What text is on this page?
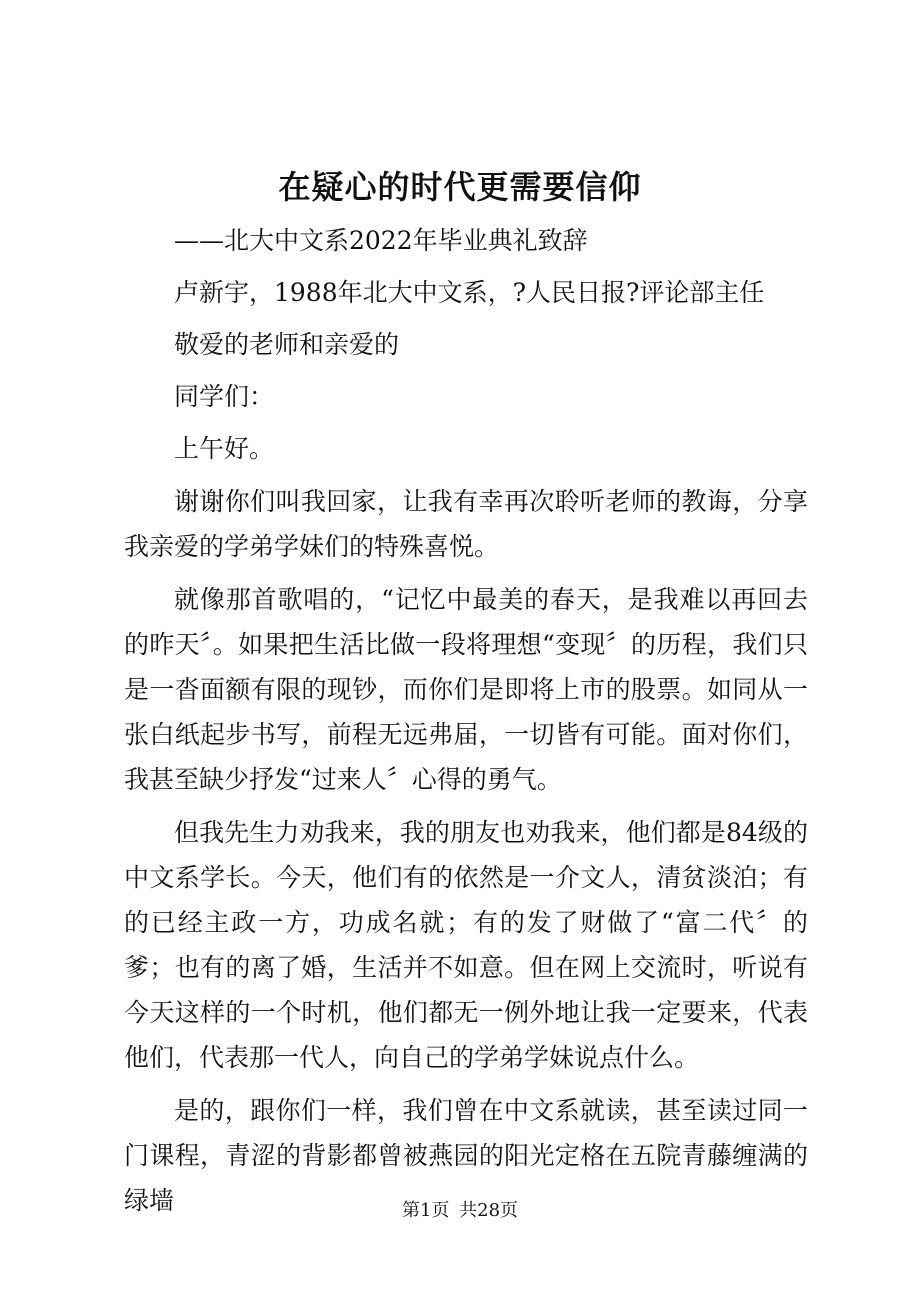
在疑心的时代更需要信仰
——北大中文系2022年毕业典礼致辞
卢新宇，1988年北大中文系，?人民日报?评论部主任
敬爱的老师和亲爱的
同学们：
上午好。

谢谢你们叫我回家，让我有幸再次聆听老师的教诲，分享我亲爱的学弟学妹们的特殊喜悦。

就像那首歌唱的，“记忆中最美的春天，是我难以再回去的昨天〞。如果把生活比做一段将理想“变现〞的历程，我们只是一沓面额有限的现钞，而你们是即将上市的股票。如同从一张白纸起步书写，前程无远弗届，一切皆有可能。面对你们，我甚至缺少抒发“过来人〞心得的勇气。

但我先生力劝我来，我的朋友也劝我来，他们都是84级的中文系学长。今天，他们有的依然是一介文人，清贫淡泊；有的已经主政一方，功成名就；有的发了财做了“富二代〞的爹；也有的离了婚，生活并不如意。但在网上交流时，听说有今天这样的一个时机，他们都无一例外地让我一定要来，代表他们，代表那一代人，向自己的学弟学妹说点什么。

是的，跟你们一样，我们曾在中文系就读，甚至读过同一门课程，青涩的背影都曾被燕园的阳光定格在五院青藤缠满的绿墙	第1页 共28页
